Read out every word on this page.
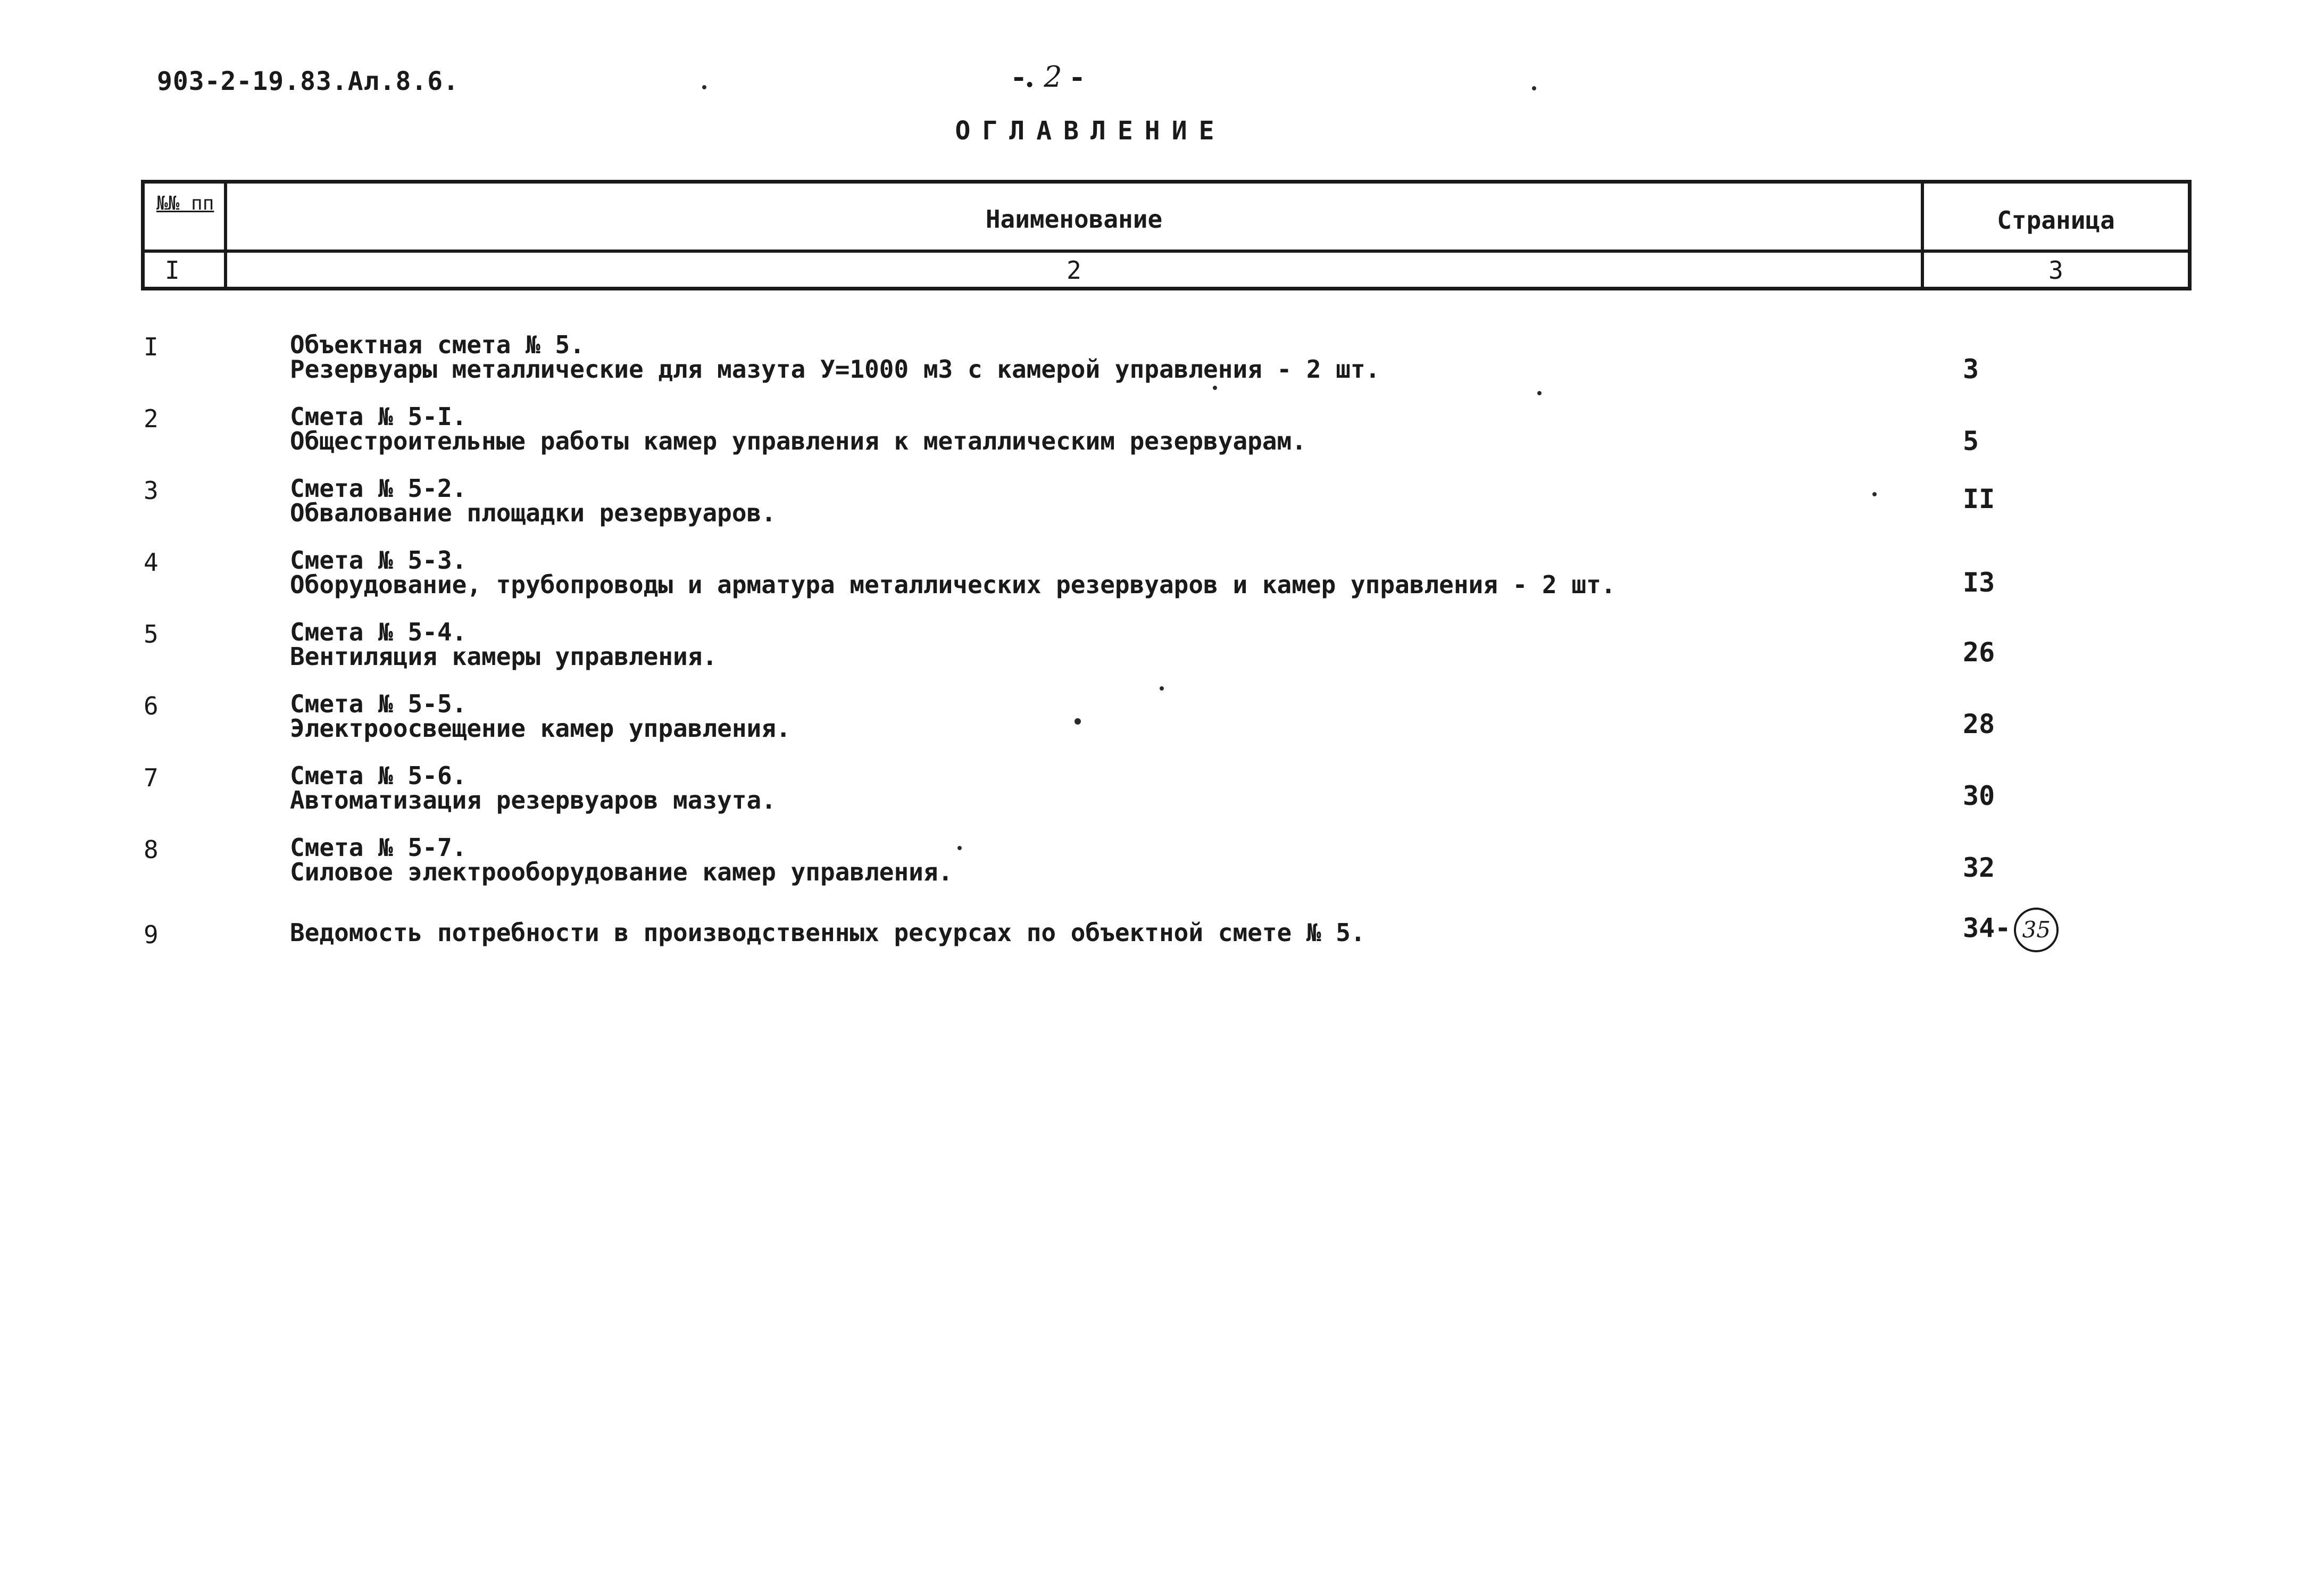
903-2-19.83.Ал.8.6.	-. 2 -
ОГЛАВЛЕНИЕ
№№ пп
Наименование	Страница
I	2	3
I	Объектная смета № 5.
Резервуары металлические для мазута У=1000 м3 с камерой управления - 2 шт.	3
2	Смета № 5-I.
Общестроительные работы камер управления к металлическим резервуарам.	5
3	Смета № 5-2.
Обвалование площадки резервуаров.	II
4	Смета № 5-3.
Оборудование, трубопроводы и арматура металлических резервуаров и камер управления - 2 шт.	I3
5	Смета № 5-4.
Вентиляция камеры управления.	26
6	Смета № 5-5.
Электроосвещение камер управления.	28
7	Смета № 5-6.
Автоматизация резервуаров мазута.	30
8	Смета № 5-7.
Силовое электрооборудование камер управления.	32
9	Ведомость потребности в производственных ресурсах по объектной смете № 5.	34- 35
